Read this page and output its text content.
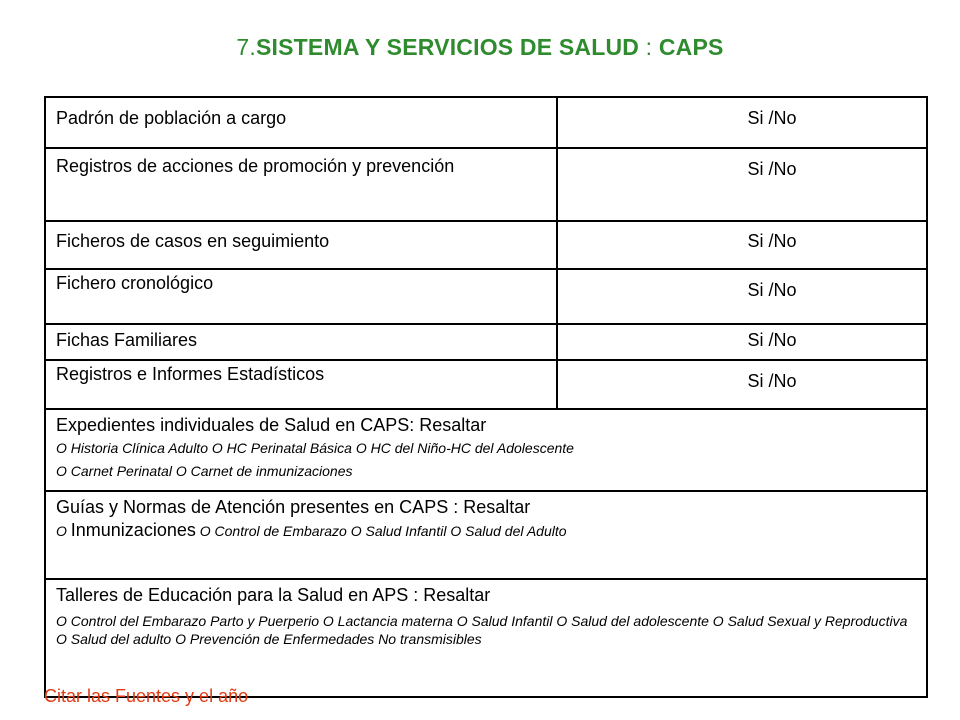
7.SISTEMA Y SERVICIOS DE SALUD : CAPS
Padrón de población a cargo	Si /No
Registros de acciones de promoción y prevención	Si /No
Ficheros de casos en seguimiento	Si /No
Fichero cronológico	Si /No
Fichas Familiares	Si /No
Registros e Informes Estadísticos	Si /No

Expedientes individuales de Salud en CAPS: Resaltar
O Historia Clínica Adulto O HC Perinatal Básica O HC del Niño-HC del Adolescente
O Carnet Perinatal O Carnet de inmunizaciones	

Guías y Normas de Atención presentes en CAPS : Resaltar
O Inmunizaciones O Control de Embarazo O Salud Infantil O Salud del Adulto	

Talleres de Educación para la Salud en APS : Resaltar
O Control del Embarazo Parto y Puerperio O Lactancia materna O Salud Infantil O Salud del adolescente O Salud Sexual y Reproductiva O Salud del adulto O Prevención de Enfermedades No transmisibles	
Citar las Fuentes y el año
